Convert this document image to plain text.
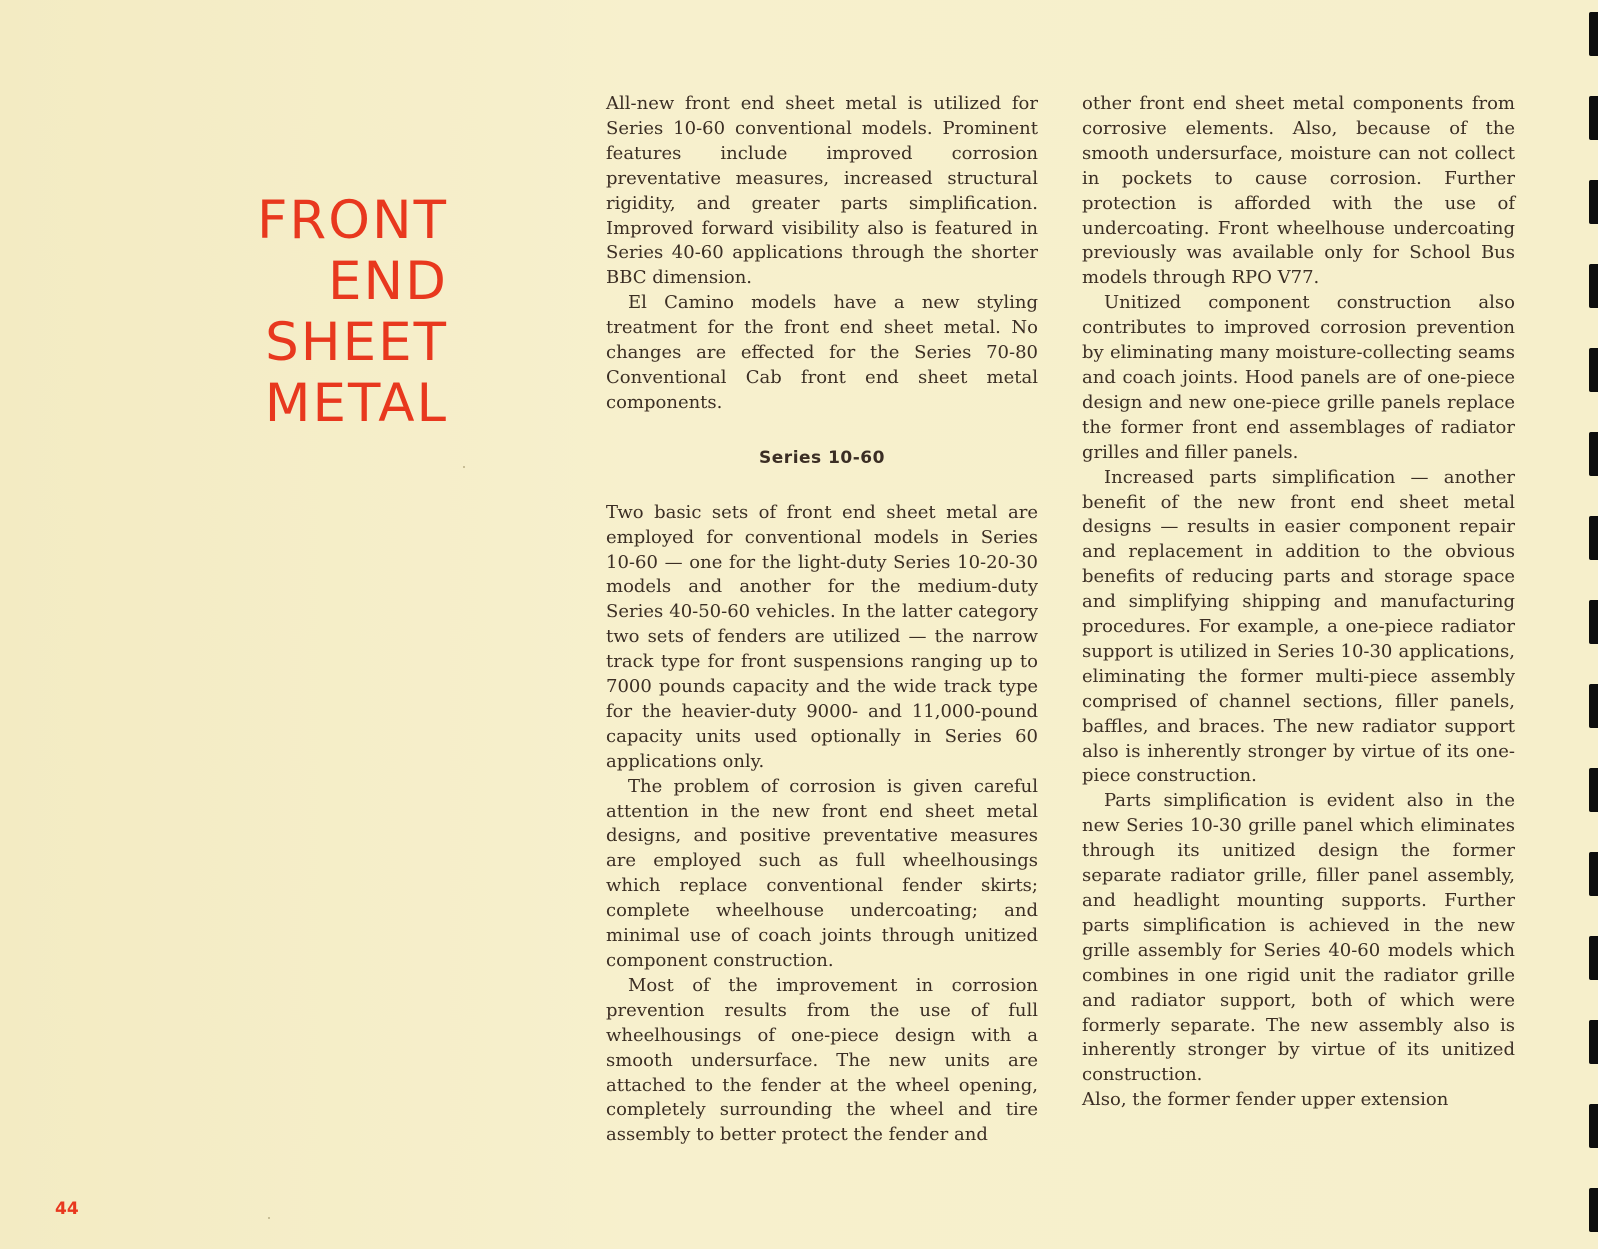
FRONT
END
SHEET
METAL

All-new front end sheet metal is utilized for Series 10-60 conventional models. Prominent features include improved corrosion preventative measures, increased structural rigidity, and greater parts simplification. Improved forward visibility also is featured in Series 40-60 applications through the shorter BBC dimension.

El Camino models have a new styling treatment for the front end sheet metal. No changes are effected for the Series 70-80 Conventional Cab front end sheet metal components.

Series 10-60

Two basic sets of front end sheet metal are employed for conventional models in Series 10-60 — one for the light-duty Series 10-20-30 models and another for the medium-duty Series 40-50-60 vehicles. In the latter category two sets of fenders are utilized — the narrow track type for front suspensions ranging up to 7000 pounds capacity and the wide track type for the heavier-duty 9000- and 11,000-pound capacity units used optionally in Series 60 applications only.

The problem of corrosion is given careful attention in the new front end sheet metal designs, and positive preventative measures are employed such as full wheelhousings which replace conventional fender skirts; complete wheelhouse undercoating; and minimal use of coach joints through unitized component construction.

Most of the improvement in corrosion prevention results from the use of full wheelhousings of one-piece design with a smooth undersurface. The new units are attached to the fender at the wheel opening, completely surrounding the wheel and tire assembly to better protect the fender and

other front end sheet metal components from corrosive elements. Also, because of the smooth undersurface, moisture can not collect in pockets to cause corrosion. Further protection is afforded with the use of undercoating. Front wheelhouse undercoating previously was available only for School Bus models through RPO V77.

Unitized component construction also contributes to improved corrosion prevention by eliminating many moisture-collecting seams and coach joints. Hood panels are of one-piece design and new one-piece grille panels replace the former front end assemblages of radiator grilles and filler panels.

Increased parts simplification — another benefit of the new front end sheet metal designs — results in easier component repair and replacement in addition to the obvious benefits of reducing parts and storage space and simplifying shipping and manufacturing procedures. For example, a one-piece radiator support is utilized in Series 10-30 applications, eliminating the former multi-piece assembly comprised of channel sections, filler panels, baffles, and braces. The new radiator support also is inherently stronger by virtue of its one-piece construction.

Parts simplification is evident also in the new Series 10-30 grille panel which eliminates through its unitized design the former separate radiator grille, filler panel assembly, and headlight mounting supports. Further parts simplification is achieved in the new grille assembly for Series 40-60 models which combines in one rigid unit the radiator grille and radiator support, both of which were formerly separate. The new assembly also is inherently stronger by virtue of its unitized construction.

Also, the former fender upper extension

44
